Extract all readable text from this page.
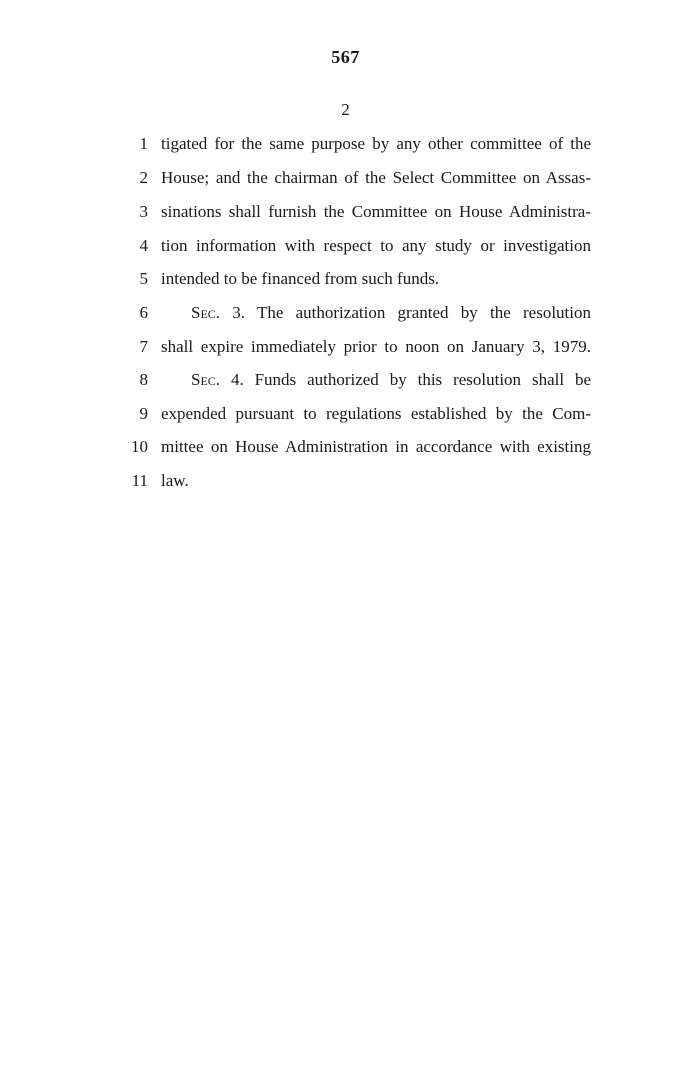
567
2
1 tigated for the same purpose by any other committee of the
2 House; and the chairman of the Select Committee on Assas-
3 sinations shall furnish the Committee on House Administra-
4 tion information with respect to any study or investigation
5 intended to be financed from such funds.
6	Sec. 3. The authorization granted by the resolution
7 shall expire immediately prior to noon on January 3, 1979.
8	Sec. 4. Funds authorized by this resolution shall be
9 expended pursuant to regulations established by the Com-
10 mittee on House Administration in accordance with existing
11 law.
